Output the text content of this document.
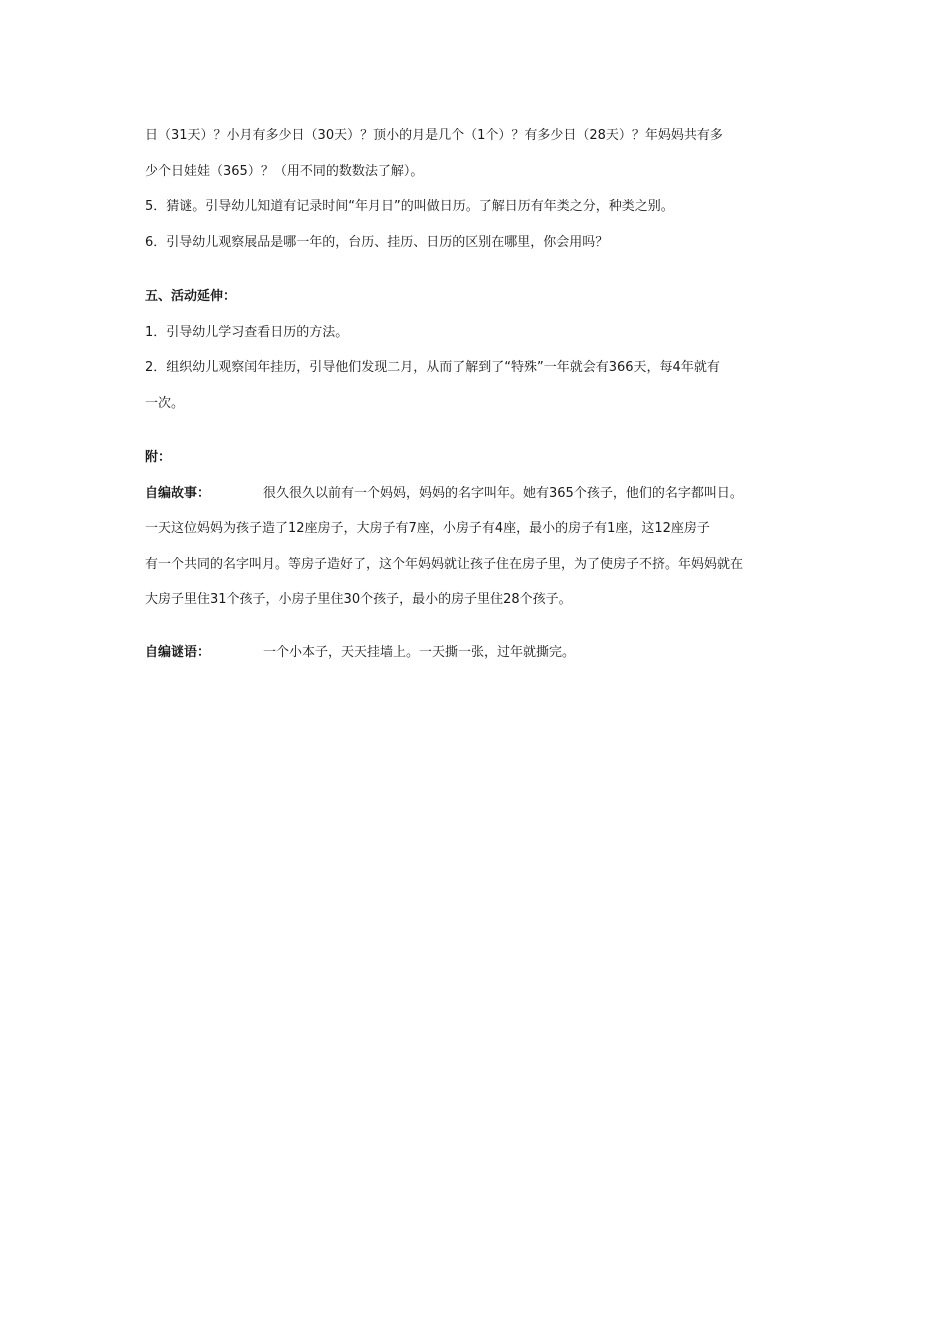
日（31天）？小月有多少日（30天）？顶小的月是几个（1个）？有多少日（28天）？年妈妈共有多
少个日娃娃（365）？（用不同的数数法了解）。
5．猜谜。引导幼儿知道有记录时间“年月日”的叫做日历。了解日历有年类之分，种类之别。
6．引导幼儿观察展品是哪一年的，台历、挂历、日历的区别在哪里，你会用吗？
五、活动延伸：
1．引导幼儿学习查看日历的方法。
2．组织幼儿观察闰年挂历，引导他们发现二月，从而了解到了“特殊”一年就会有366天，每4年就有
一次。
附：
自编故事：	很久很久以前有一个妈妈，妈妈的名字叫年。她有365个孩子，他们的名字都叫日。
一天这位妈妈为孩子造了12座房子，大房子有7座，小房子有4座，最小的房子有1座，这12座房子
有一个共同的名字叫月。等房子造好了，这个年妈妈就让孩子住在房子里，为了使房子不挤。年妈妈就在
大房子里住31个孩子，小房子里住30个孩子，最小的房子里住28个孩子。
自编谜语：	一个小本子，天天挂墙上。一天撕一张，过年就撕完。
